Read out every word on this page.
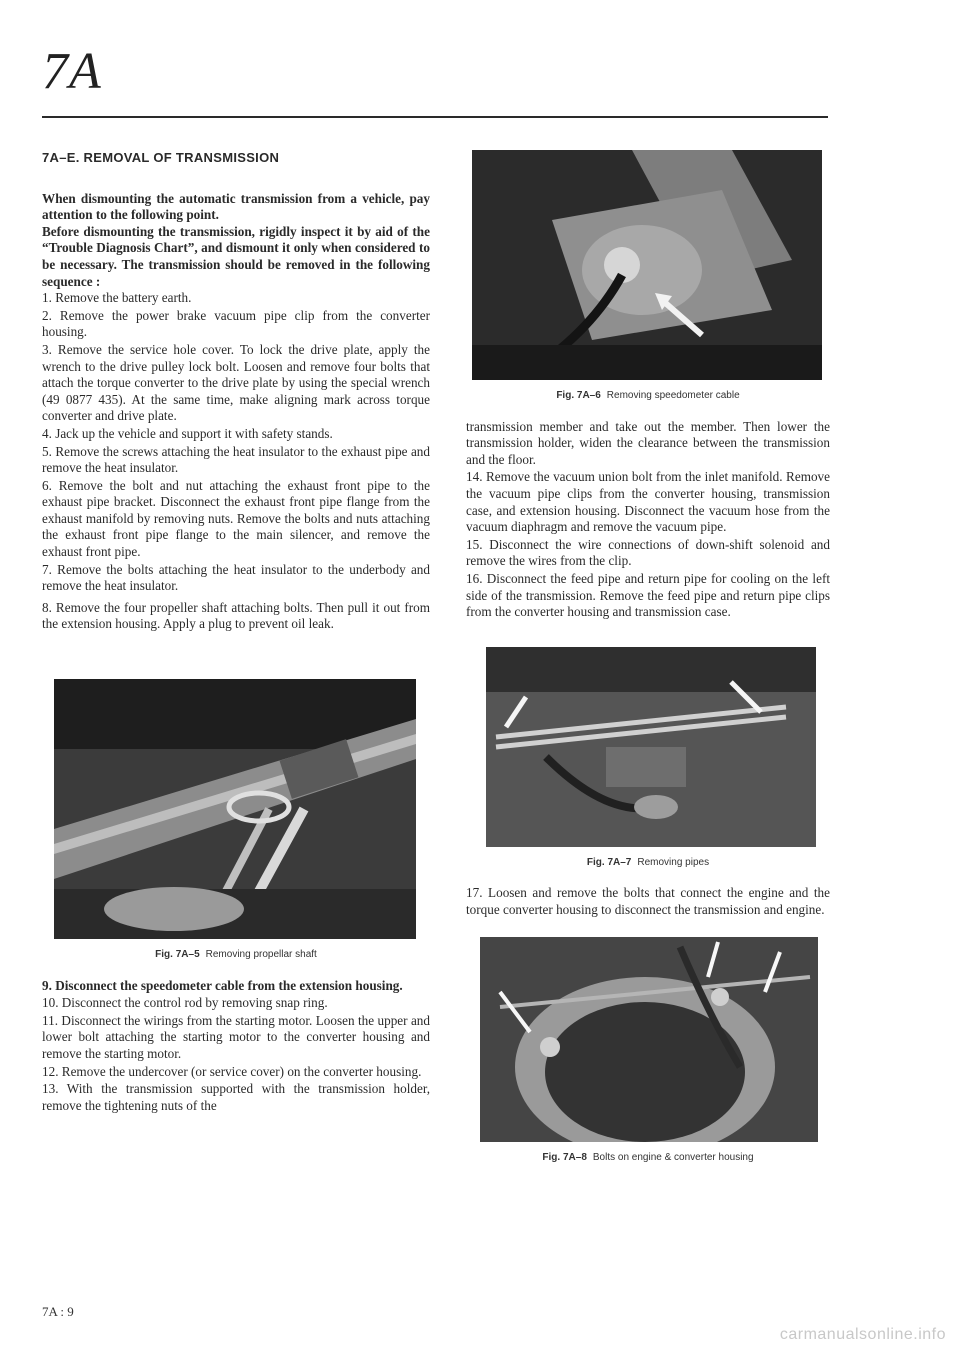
7A
7A–E. REMOVAL OF TRANSMISSION

When dismounting the automatic transmission from a vehicle, pay attention to the following point.

Before dismounting the transmission, rigidly inspect it by aid of the “Trouble Diagnosis Chart”, and dismount it only when considered to be necessary. The transmission should be removed in the following sequence :

1. Remove the battery earth.

2. Remove the power brake vacuum pipe clip from the converter housing.

3. Remove the service hole cover. To lock the drive plate, apply the wrench to the drive pulley lock bolt. Loosen and remove four bolts that attach the torque converter to the drive plate by using the special wrench (49 0877 435). At the same time, make aligning mark across torque converter and drive plate.

4. Jack up the vehicle and support it with safety stands.

5. Remove the screws attaching the heat insulator to the exhaust pipe and remove the heat insulator.

6. Remove the bolt and nut attaching the exhaust front pipe to the exhaust pipe bracket. Disconnect the exhaust front pipe flange from the exhaust manifold by removing nuts. Remove the bolts and nuts attaching the exhaust front pipe flange to the main silencer, and remove the exhaust front pipe.

7. Remove the bolts attaching the heat insulator to the underbody and remove the heat insulator.

8. Remove the four propeller shaft attaching bolts. Then pull it out from the extension housing. Apply a plug to prevent oil leak.

Fig. 7A–5 Removing propellar shaft

9. Disconnect the speedometer cable from the extension housing.

10. Disconnect the control rod by removing snap ring.

11. Disconnect the wirings from the starting motor. Loosen the upper and lower bolt attaching the starting motor to the converter housing and remove the starting motor.

12. Remove the undercover (or service cover) on the converter housing.

13. With the transmission supported with the transmission holder, remove the tightening nuts of the

Fig. 7A–6 Removing speedometer cable

transmission member and take out the member. Then lower the transmission holder, widen the clearance between the transmission and the floor.

14. Remove the vacuum union bolt from the inlet manifold. Remove the vacuum pipe clips from the converter housing, transmission case, and extension housing. Disconnect the vacuum hose from the vacuum diaphragm and remove the vacuum pipe.

15. Disconnect the wire connections of down-shift solenoid and remove the wires from the clip.

16. Disconnect the feed pipe and return pipe for cooling on the left side of the transmission. Remove the feed pipe and return pipe clips from the converter housing and transmission case.

Fig. 7A–7 Removing pipes

17. Loosen and remove the bolts that connect the engine and the torque converter housing to disconnect the transmission and engine.

Fig. 7A–8 Bolts on engine & converter housing
7A : 9
carmanualsonline.info
